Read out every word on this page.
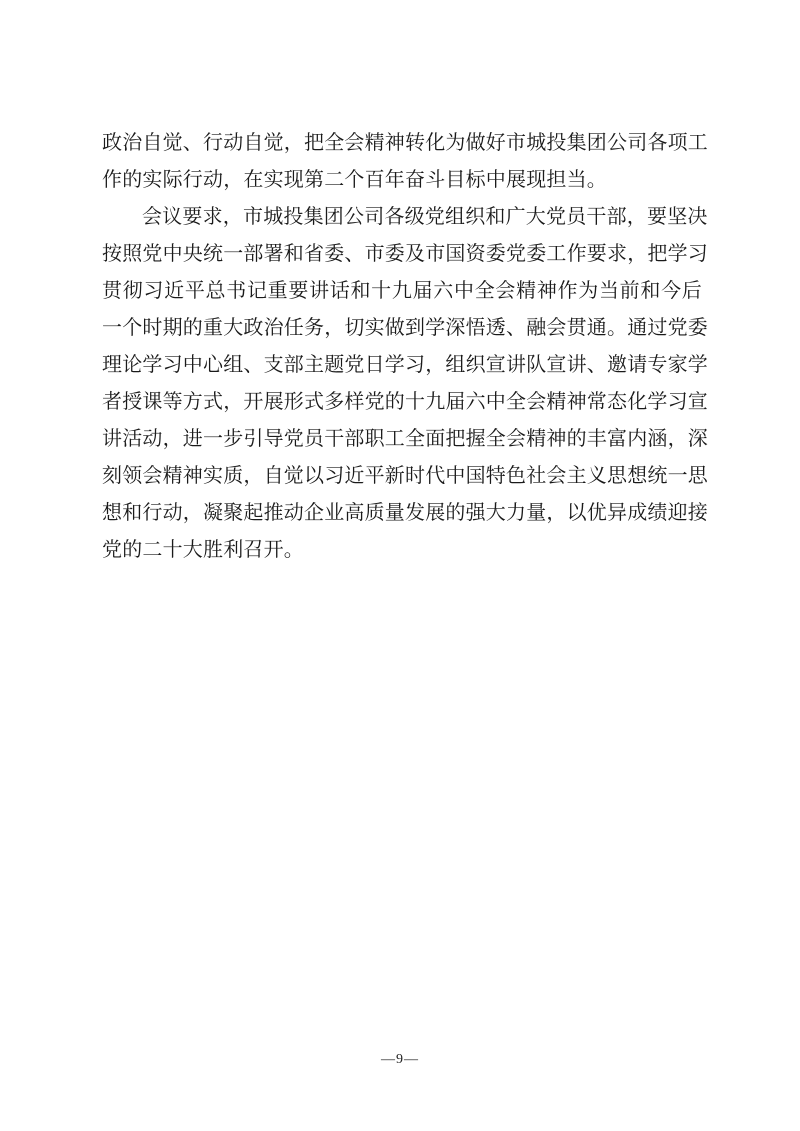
政治自觉、行动自觉，把全会精神转化为做好市城投集团公司各项工
作的实际行动，在实现第二个百年奋斗目标中展现担当。
会议要求，市城投集团公司各级党组织和广大党员干部，要坚决
按照党中央统一部署和省委、市委及市国资委党委工作要求，把学习
贯彻习近平总书记重要讲话和十九届六中全会精神作为当前和今后
一个时期的重大政治任务，切实做到学深悟透、融会贯通。通过党委
理论学习中心组、支部主题党日学习，组织宣讲队宣讲、邀请专家学
者授课等方式，开展形式多样党的十九届六中全会精神常态化学习宣
讲活动，进一步引导党员干部职工全面把握全会精神的丰富内涵，深
刻领会精神实质，自觉以习近平新时代中国特色社会主义思想统一思
想和行动，凝聚起推动企业高质量发展的强大力量，以优异成绩迎接
党的二十大胜利召开。
—9—
